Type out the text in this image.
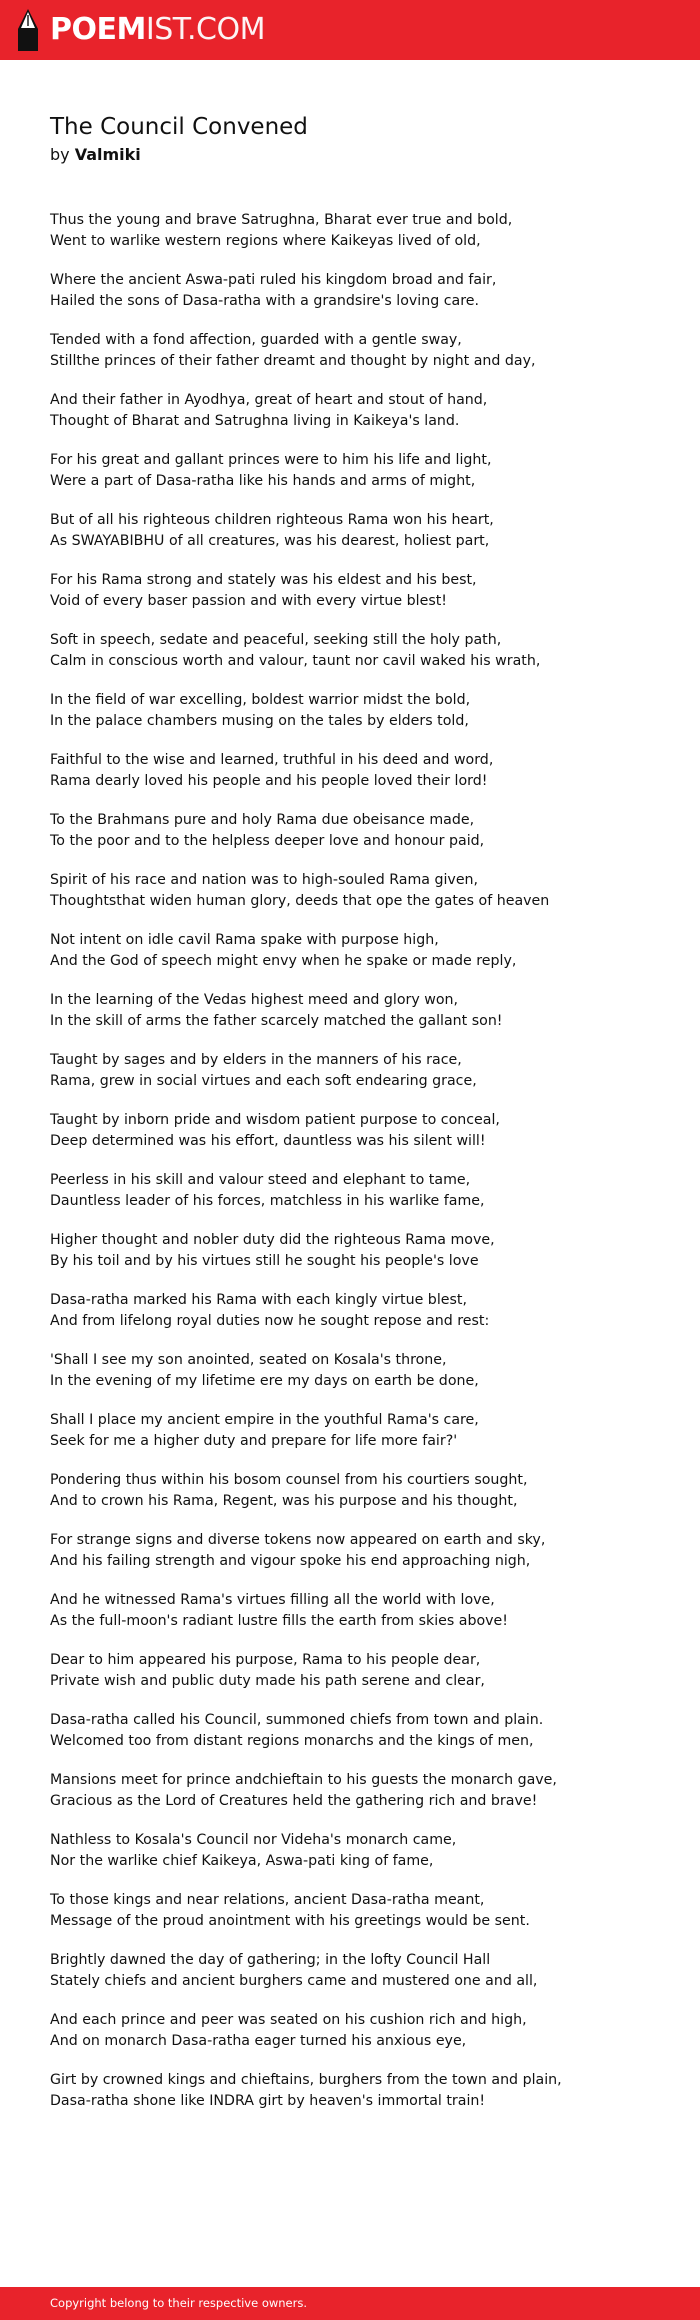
POEMIST.COM
The Council Convened
by Valmiki

Thus the young and brave Satrughna, Bharat ever true and bold,
Went to warlike western regions where Kaikeyas lived of old,

Where the ancient Aswa-pati ruled his kingdom broad and fair,
Hailed the sons of Dasa-ratha with a grandsire's loving care.

Tended with a fond affection, guarded with a gentle sway,
Stillthe princes of their father dreamt and thought by night and day,

And their father in Ayodhya, great of heart and stout of hand,
Thought of Bharat and Satrughna living in Kaikeya's land.

For his great and gallant princes were to him his life and light,
Were a part of Dasa-ratha like his hands and arms of might,

But of all his righteous children righteous Rama won his heart,
As SWAYABIBHU of all creatures, was his dearest, holiest part,

For his Rama strong and stately was his eldest and his best,
Void of every baser passion and with every virtue blest!

Soft in speech, sedate and peaceful, seeking still the holy path,
Calm in conscious worth and valour, taunt nor cavil waked his wrath,

In the field of war excelling, boldest warrior midst the bold,
In the palace chambers musing on the tales by elders told,

Faithful to the wise and learned, truthful in his deed and word,
Rama dearly loved his people and his people loved their lord!

To the Brahmans pure and holy Rama due obeisance made,
To the poor and to the helpless deeper love and honour paid,

Spirit of his race and nation was to high-souled Rama given,
Thoughtsthat widen human glory, deeds that ope the gates of heaven

Not intent on idle cavil Rama spake with purpose high,
And the God of speech might envy when he spake or made reply,

In the learning of the Vedas highest meed and glory won,
In the skill of arms the father scarcely matched the gallant son!

Taught by sages and by elders in the manners of his race,
Rama, grew in social virtues and each soft endearing grace,

Taught by inborn pride and wisdom patient purpose to conceal,
Deep determined was his effort, dauntless was his silent will!

Peerless in his skill and valour steed and elephant to tame,
Dauntless leader of his forces, matchless in his warlike fame,

Higher thought and nobler duty did the righteous Rama move,
By his toil and by his virtues still he sought his people's love

Dasa-ratha marked his Rama with each kingly virtue blest,
And from lifelong royal duties now he sought repose and rest:

'Shall I see my son anointed, seated on Kosala's throne,
In the evening of my lifetime ere my days on earth be done,

Shall I place my ancient empire in the youthful Rama's care,
Seek for me a higher duty and prepare for life more fair?'

Pondering thus within his bosom counsel from his courtiers sought,
And to crown his Rama, Regent, was his purpose and his thought,

For strange signs and diverse tokens now appeared on earth and sky,
And his failing strength and vigour spoke his end approaching nigh,

And he witnessed Rama's virtues filling all the world with love,
As the full-moon's radiant lustre fills the earth from skies above!

Dear to him appeared his purpose, Rama to his people dear,
Private wish and public duty made his path serene and clear,

Dasa-ratha called his Council, summoned chiefs from town and plain.
Welcomed too from distant regions monarchs and the kings of men,

Mansions meet for prince andchieftain to his guests the monarch gave,
Gracious as the Lord of Creatures held the gathering rich and brave!

Nathless to Kosala's Council nor Videha's monarch came,
Nor the warlike chief Kaikeya, Aswa-pati king of fame,

To those kings and near relations, ancient Dasa-ratha meant,
Message of the proud anointment with his greetings would be sent.

Brightly dawned the day of gathering; in the lofty Council Hall
Stately chiefs and ancient burghers came and mustered one and all,

And each prince and peer was seated on his cushion rich and high,
And on monarch Dasa-ratha eager turned his anxious eye,

Girt by crowned kings and chieftains, burghers from the town and plain,
Dasa-ratha shone like INDRA girt by heaven's immortal train!

Copyright belong to their respective owners.
